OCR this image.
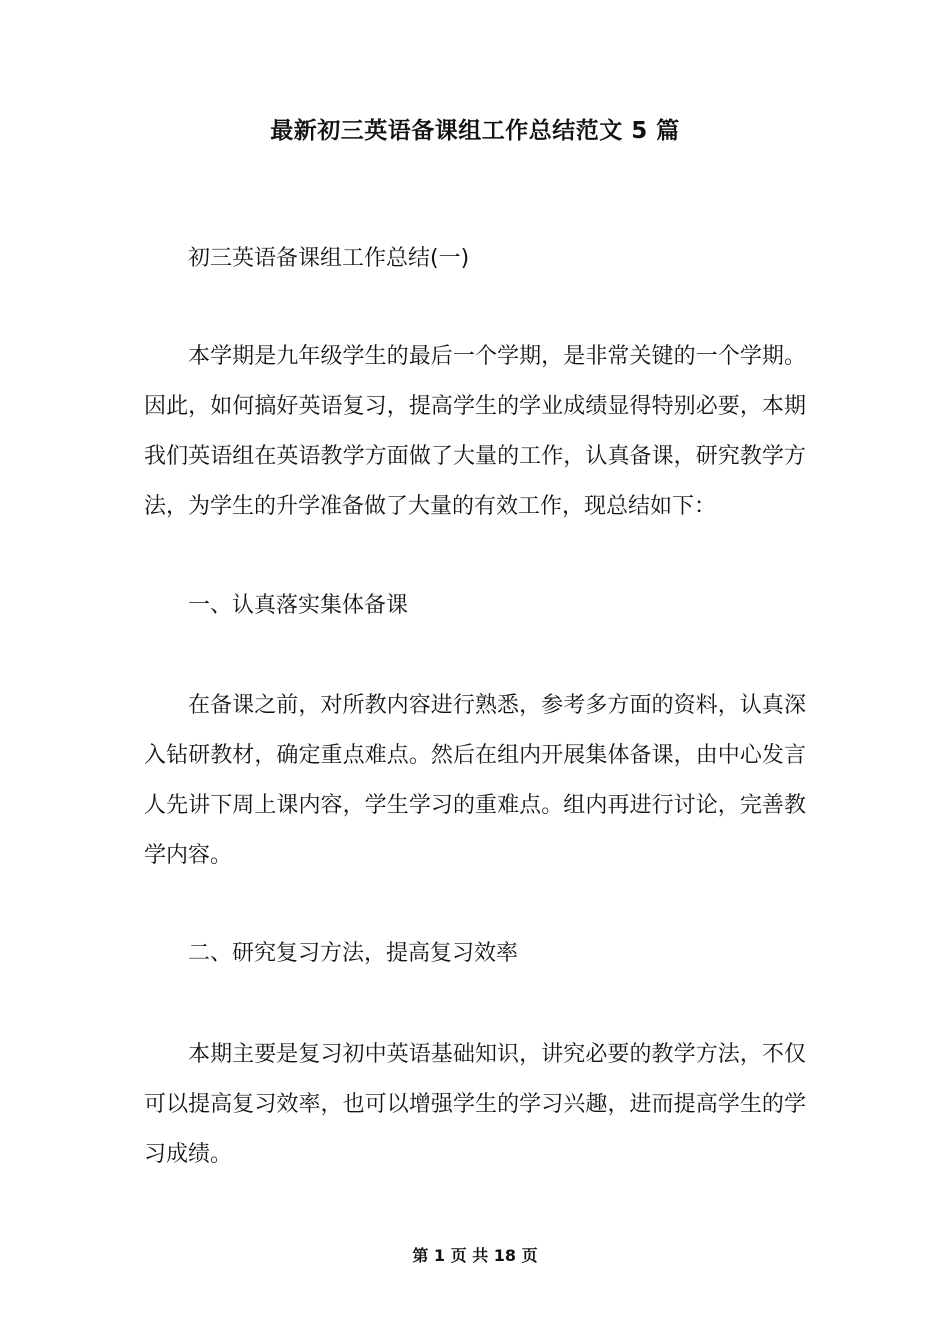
最新初三英语备课组工作总结范文 5 篇

初三英语备课组工作总结(一)

本学期是九年级学生的最后一个学期，是非常关键的一个学期。因此，如何搞好英语复习，提高学生的学业成绩显得特别必要，本期我们英语组在英语教学方面做了大量的工作，认真备课，研究教学方法，为学生的升学准备做了大量的有效工作，现总结如下：

一、认真落实集体备课

在备课之前，对所教内容进行熟悉，参考多方面的资料，认真深入钻研教材，确定重点难点。然后在组内开展集体备课，由中心发言人先讲下周上课内容，学生学习的重难点。组内再进行讨论，完善教学内容。

二、研究复习方法，提高复习效率

本期主要是复习初中英语基础知识，讲究必要的教学方法，不仅可以提高复习效率，也可以增强学生的学习兴趣，进而提高学生的学习成绩。

第 1 页 共 18 页
